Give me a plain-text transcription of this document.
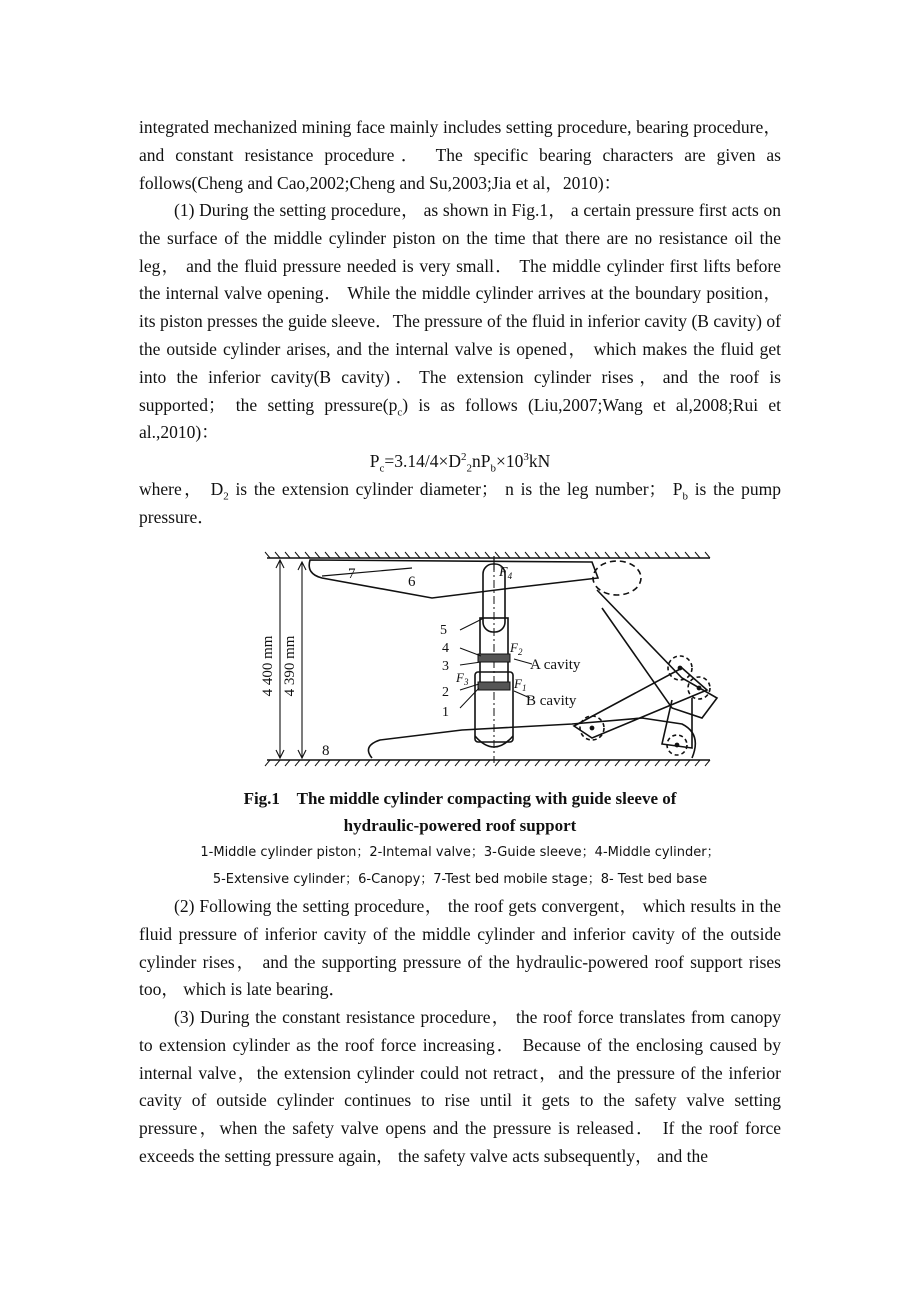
integrated mechanized mining face mainly includes setting procedure, bearing procedure， and constant resistance procedure． The specific bearing characters are given as follows(Cheng and Cao,2002;Cheng and Su,2003;Jia et al，2010)：

(1) During the setting procedure， as shown in Fig.1， a certain pressure first acts on the surface of the middle cylinder piston on the time that there are no resistance oil the leg， and the fluid pressure needed is very small． The middle cylinder first lifts before the internal valve opening． While the middle cylinder arrives at the boundary position，its piston presses the guide sleeve．The pressure of the fluid in inferior cavity (B cavity) of the outside cylinder arises, and the internal valve is opened， which makes the fluid get into the inferior cavity(B cavity)．The extension cylinder rises，and the roof is supported； the setting $pressure(p_c)$ is as follows (Liu,2007;Wang et al,2008;Rui et al.,2010)：

$P_c=3.14/4\times D^2_2nP_b\times 10^3kN$

where， $D_2$ is the extension cylinder diameter； n is the leg number； $P_b$ is the pump pressure．

4 400 mm 4 390 mm
7	6
5
4
3
2
1
8
$F_4$
$F_2$
$F_3$	$F_1$
A cavity
B cavity
Fig.1    The middle cylinder compacting with guide sleeve of
hydraulic-powered roof support
1-Middle cylinder piston；2-Intemal valve；3-Guide sleeve；4-Middle cylinder；
5-Extensive cylinder；6-Canopy；7-Test bed mobile stage；8- Test bed base

(2) Following the setting procedure， the roof gets convergent， which results in the fluid pressure of inferior cavity of the middle cylinder and inferior cavity of the outside cylinder rises， and the supporting pressure of the hydraulic-powered roof support rises too， which is late bearing．

(3) During the constant resistance procedure， the roof force translates from canopy to extension cylinder as the roof force increasing． Because of the enclosing caused by internal valve，the extension cylinder could not retract，and the pressure of the inferior cavity of outside cylinder continues to rise until it gets to the safety valve setting pressure，when the safety valve opens and the pressure is released． If the roof force exceeds the setting pressure again， the safety valve acts subsequently， and the
